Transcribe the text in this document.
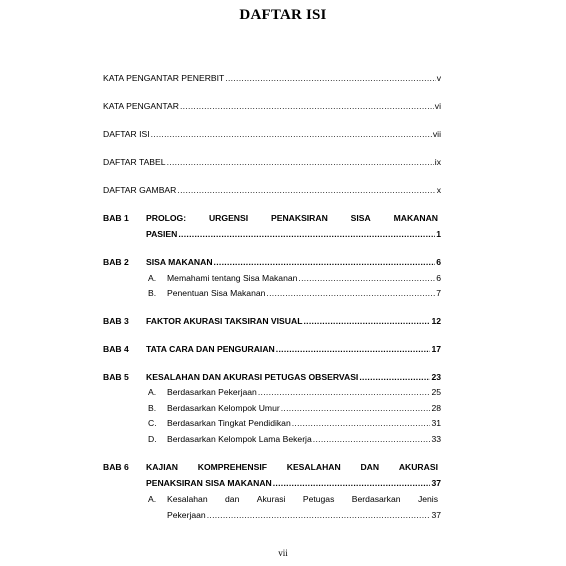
DAFTAR ISI
KATA PENGANTAR PENERBIT .....	v
KATA PENGANTAR .....	vi
DAFTAR ISI .....	vii
DAFTAR TABEL .....	ix
DAFTAR GAMBAR .....	x
BAB 1 PROLOG:	URGENSI	PENAKSIRAN	SISA	MAKANAN
PASIEN .....	1
BAB 2 SISA MAKANAN .....	6
A. Memahami tentang Sisa Makanan .....	6
B. Penentuan Sisa Makanan .....	7
BAB 3 FAKTOR AKURASI TAKSIRAN VISUAL .....	12
BAB 4 TATA CARA DAN PENGURAIAN .....	17
BAB 5 KESALAHAN DAN AKURASI PETUGAS OBSERVASI .....	23
A. Berdasarkan Pekerjaan .....	25
B. Berdasarkan Kelompok Umur .....	28
C. Berdasarkan Tingkat Pendidikan .....	31
D. Berdasarkan Kelompok Lama Bekerja .....	33
BAB 6 KAJIAN KOMPREHENSIF KESALAHAN DAN AKURASI
PENAKSIRAN SISA MAKANAN .....	37
A. Kesalahan dan Akurasi Petugas Berdasarkan Jenis
Pekerjaan .....	37
vii
